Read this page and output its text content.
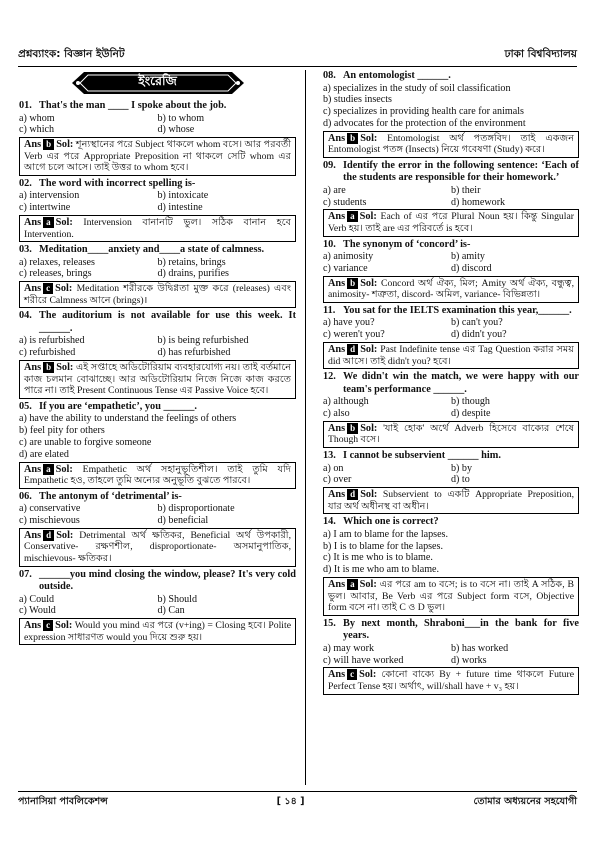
প্রশ্নব্যাংক: বিজ্ঞান ইউনিট	ঢাকা বিশ্ববিদ্যালয়
ইংরেজি
01. That's the man ____ I spoke about the job.
a) whom	b) to whom
c) which	d) whose
Ans b Sol: শূন্যস্থানের পরে Subject থাকলে whom বসে। আর পরবর্তী Verb এর পরে Appropriate Preposition না থাকলে সেটি whom এর আগে চলে আসে। তাই উত্তর to whom হবে।
02. The word with incorrect spelling is-
a) intervension	b) intoxicate
c) intertwine	d) intestine
Ans a Sol: Intervension বানানটি ভুল। সঠিক বানান হবে Intervention.
03. Meditation____anxiety and____a state of calmness.
a) relaxes, releases	b) retains, brings
c) releases, brings	d) drains, purifies
Ans c Sol: Meditation শরীরকে উদ্বিগ্নতা মুক্ত করে (releases) এবং শরীরে Calmness আনে (brings)।
04. The auditorium is not available for use this week. It ______.
a) is refurbished	b) is being refurbished
c) refurbished	d) has refurbished
Ans b Sol: এই সপ্তাহে অডিটোরিয়াম ব্যবহারযোগ্য নয়। তাই বর্তমানে কাজ চলমান বোঝাচ্ছে। আর অডিটোরিয়াম নিজে নিজে কাজ করতে পারে না। তাই Present Continuous Tense এর Passive Voice হবে।
05. If you are ‘empathetic’, you ______.
a) have the ability to understand the feelings of others
b) feel pity for others
c) are unable to forgive someone
d) are elated
Ans a Sol: Empathetic অর্থ সহানুভূতিশীল। তাই তুমি যদি Empathetic হও, তাহলে তুমি অন্যের অনুভূতি বুঝতে পারবে।
06. The antonym of ‘detrimental’ is-
a) conservative	b) disproportionate
c) mischievous	d) beneficial
Ans d Sol: Detrimental অর্থ ক্ষতিকর, Beneficial অর্থ উপকারী, Conservative- রক্ষণশীল, disproportionate- অসমানুপাতিক, mischievous- ক্ষতিকর।
07. ______you mind closing the window, please? It's very cold outside.
a) Could	b) Should
c) Would	d) Can
Ans c Sol: Would you mind এর পরে (v+ing) = Closing হবে। Polite expression সাধারণত would you দিয়ে শুরু হয়।
08. An entomologist ______.
a) specializes in the study of soil classification
b) studies insects
c) specializes in providing health care for animals
d) advocates for the protection of the environment
Ans b Sol: Entomologist অর্থ পতঙ্গবিদ। তাই একজন Entomologist পতঙ্গ (Insects) নিয়ে গবেষণা (Study) করে।
09. Identify the error in the following sentence: ‘Each of the students are responsible for their homework.’
a) are	b) their
c) students	d) homework
Ans a Sol: Each of এর পরে Plural Noun হয়। কিন্তু Singular Verb হয়। তাই are এর পরিবর্তে is হবে।
10. The synonym of ‘concord’ is-
a) animosity	b) amity
c) variance	d) discord
Ans b Sol: Concord অর্থ ঐক্য, মিল; Amity অর্থ ঐক্য, বন্ধুত্ব, animosity- শত্রুতা, discord- অমিল, variance- বিভিন্নতা।
11. You sat for the IELTS examination this year,______.
a) have you?	b) can't you?
c) weren't you?	d) didn't you?
Ans d Sol: Past Indefinite tense এর Tag Question করার সময় did আসে। তাই didn't you? হবে।
12. We didn't win the match, we were happy with our team's performance ______.
a) although	b) though
c) also	d) despite
Ans b Sol: 'যাই হোক' অর্থে Adverb হিসেবে বাক্যের শেষে Though বসে।
13. I cannot be subservient ______ him.
a) on	b) by
c) over	d) to
Ans d Sol: Subservient to একটি Appropriate Preposition, যার অর্থ অধীনস্থ বা অধীন।
14. Which one is correct?
a) I am to blame for the lapses.
b) I is to blame for the lapses.
c) It is me who is to blame.
d) It is me who am to blame.
Ans a Sol: এর পরে am to বসে; is to বসে না। তাই A সঠিক, B ভুল। আবার, Be Verb এর পরে Subject form বসে, Objective form বসে না। তাই C ও D ভুল।
15. By next month, Shraboni___in the bank for five years.
a) may work	b) has worked
c) will have worked	d) works
Ans c Sol: কোনো বাক্যে By + future time থাকলে Future Perfect Tense হয়। অর্থাৎ, will/shall have + v₃ হয়।
প্যানাসিয়া পাবলিকেশন্স	[ ১৪ ]	তোমার অধ্যয়নের সহযোগী
